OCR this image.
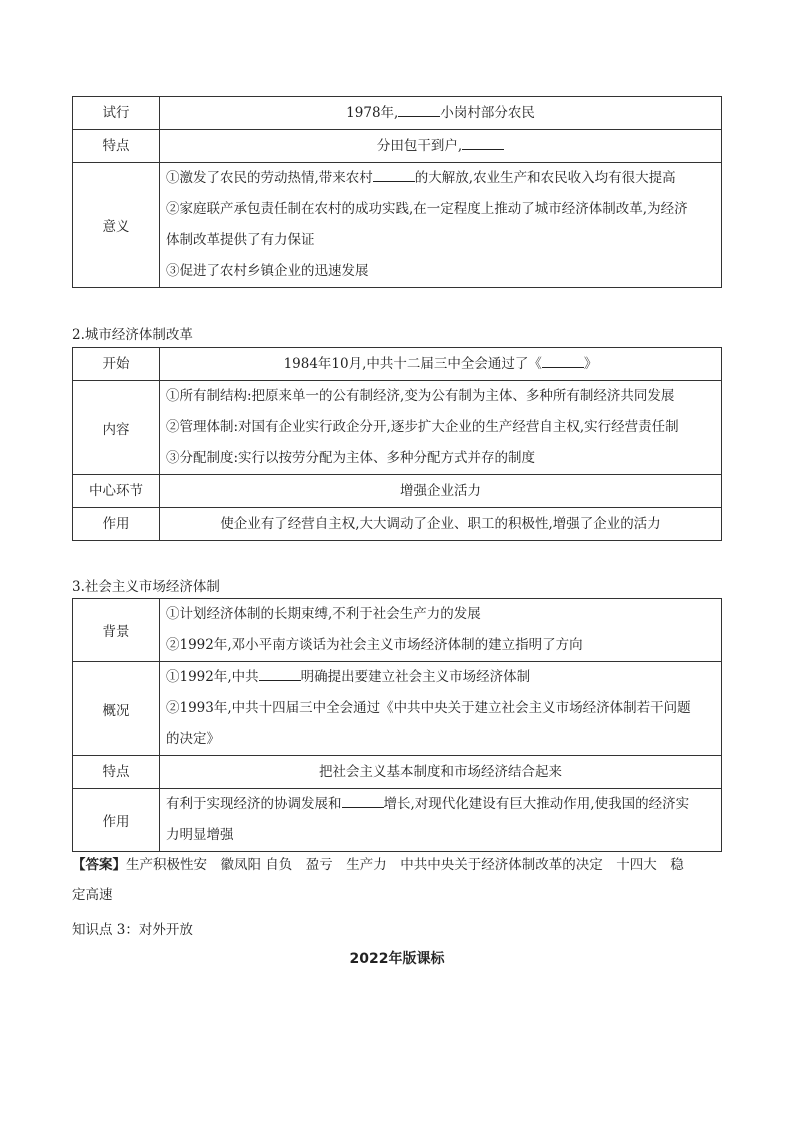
试行	1978年, 小岗村部分农民
特点	分田包干到户,
意义	①激发了农民的劳动热情,带来农村 的大解放,农业生产和农民收入均有很大提高
②家庭联产承包责任制在农村的成功实践,在一定程度上推动了城市经济体制改革,为经济
体制改革提供了有力保证
③促进了农村乡镇企业的迅速发展
2.城市经济体制改革
开始	1984年10月,中共十二届三中全会通过了《 》
内容	①所有制结构:把原来单一的公有制经济,变为公有制为主体、多种所有制经济共同发展
②管理体制:对国有企业实行政企分开,逐步扩大企业的生产经营自主权,实行经营责任制
③分配制度:实行以按劳分配为主体、多种分配方式并存的制度

中心环节	增强企业活力
作用	使企业有了经营自主权,大大调动了企业、职工的积极性,增强了企业的活力
3.社会主义市场经济体制
背景	①计划经济体制的长期束缚,不利于社会生产力的发展
②1992年,邓小平南方谈话为社会主义市场经济体制的建立指明了方向

概况	①1992年,中共 明确提出要建立社会主义市场经济体制
②1993年,中共十四届三中全会通过《中共中央关于建立社会主义市场经济体制若干问题
的决定》

特点	把社会主义基本制度和市场经济结合起来
作用	有利于实现经济的协调发展和 增长,对现代化建设有巨大推动作用,使我国的经济实
力明显增强
【答案】生产积极性安　徽凤阳 自负　盈亏　生产力　中共中央关于经济体制改革的决定　十四大　稳
定高速
知识点 3：对外开放
2022年版课标
